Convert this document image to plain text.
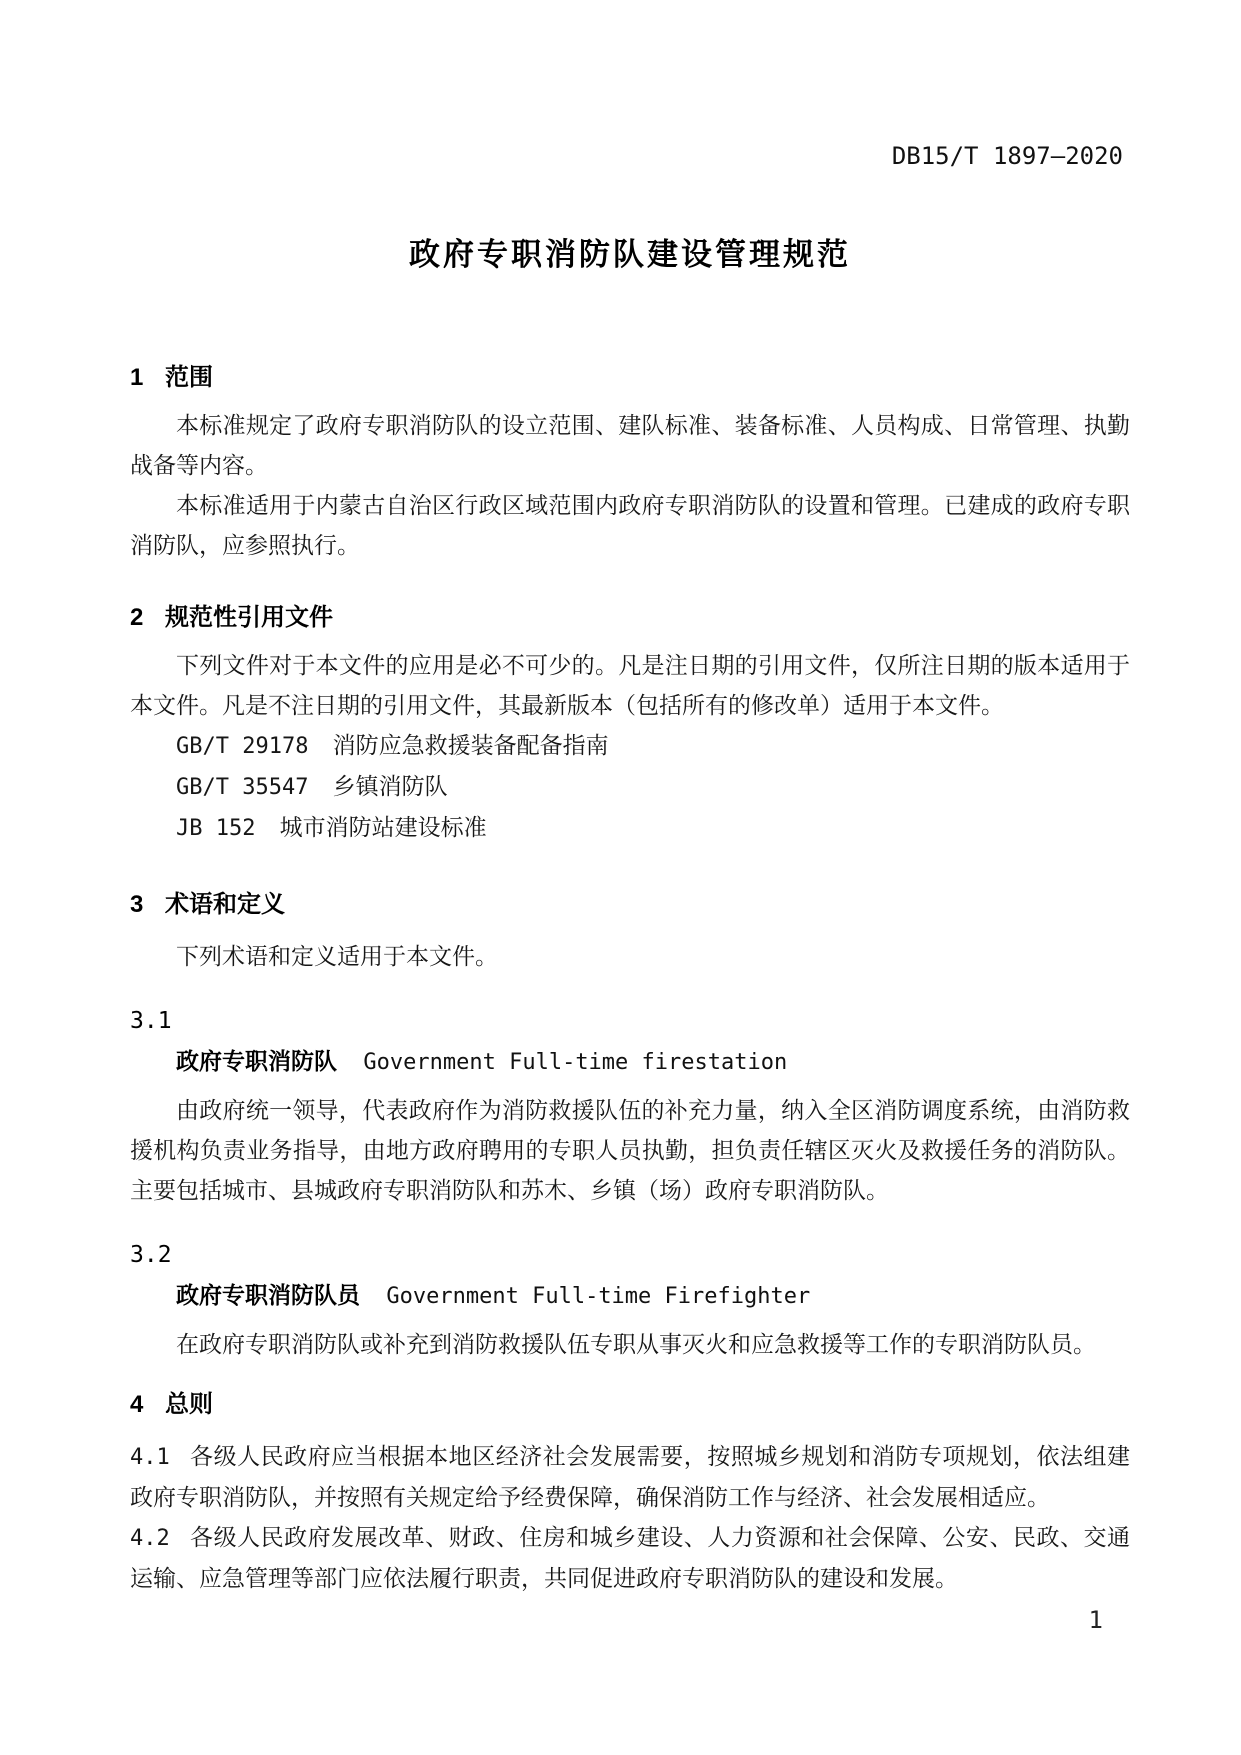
DB15/T 1897—2020
政府专职消防队建设管理规范
1 范围

本标准规定了政府专职消防队的设立范围、建队标准、装备标准、人员构成、日常管理、执勤战备等内容。

本标准适用于内蒙古自治区行政区域范围内政府专职消防队的设置和管理。已建成的政府专职消防队，应参照执行。

2 规范性引用文件

下列文件对于本文件的应用是必不可少的。凡是注日期的引用文件，仅所注日期的版本适用于本文件。凡是不注日期的引用文件，其最新版本（包括所有的修改单）适用于本文件。

GB/T 29178 消防应急救援装备配备指南

GB/T 35547 乡镇消防队

JB 152 城市消防站建设标准

3 术语和定义

下列术语和定义适用于本文件。

3.1

政府专职消防队 Government Full-time firestation

由政府统一领导，代表政府作为消防救援队伍的补充力量，纳入全区消防调度系统，由消防救援机构负责业务指导，由地方政府聘用的专职人员执勤，担负责任辖区灭火及救援任务的消防队。主要包括城市、县城政府专职消防队和苏木、乡镇（场）政府专职消防队。

3.2

政府专职消防队员 Government Full-time Firefighter

在政府专职消防队或补充到消防救援队伍专职从事灭火和应急救援等工作的专职消防队员。

4 总则

4.1 各级人民政府应当根据本地区经济社会发展需要，按照城乡规划和消防专项规划，依法组建政府专职消防队，并按照有关规定给予经费保障，确保消防工作与经济、社会发展相适应。

4.2 各级人民政府发展改革、财政、住房和城乡建设、人力资源和社会保障、公安、民政、交通运输、应急管理等部门应依法履行职责，共同促进政府专职消防队的建设和发展。

1
